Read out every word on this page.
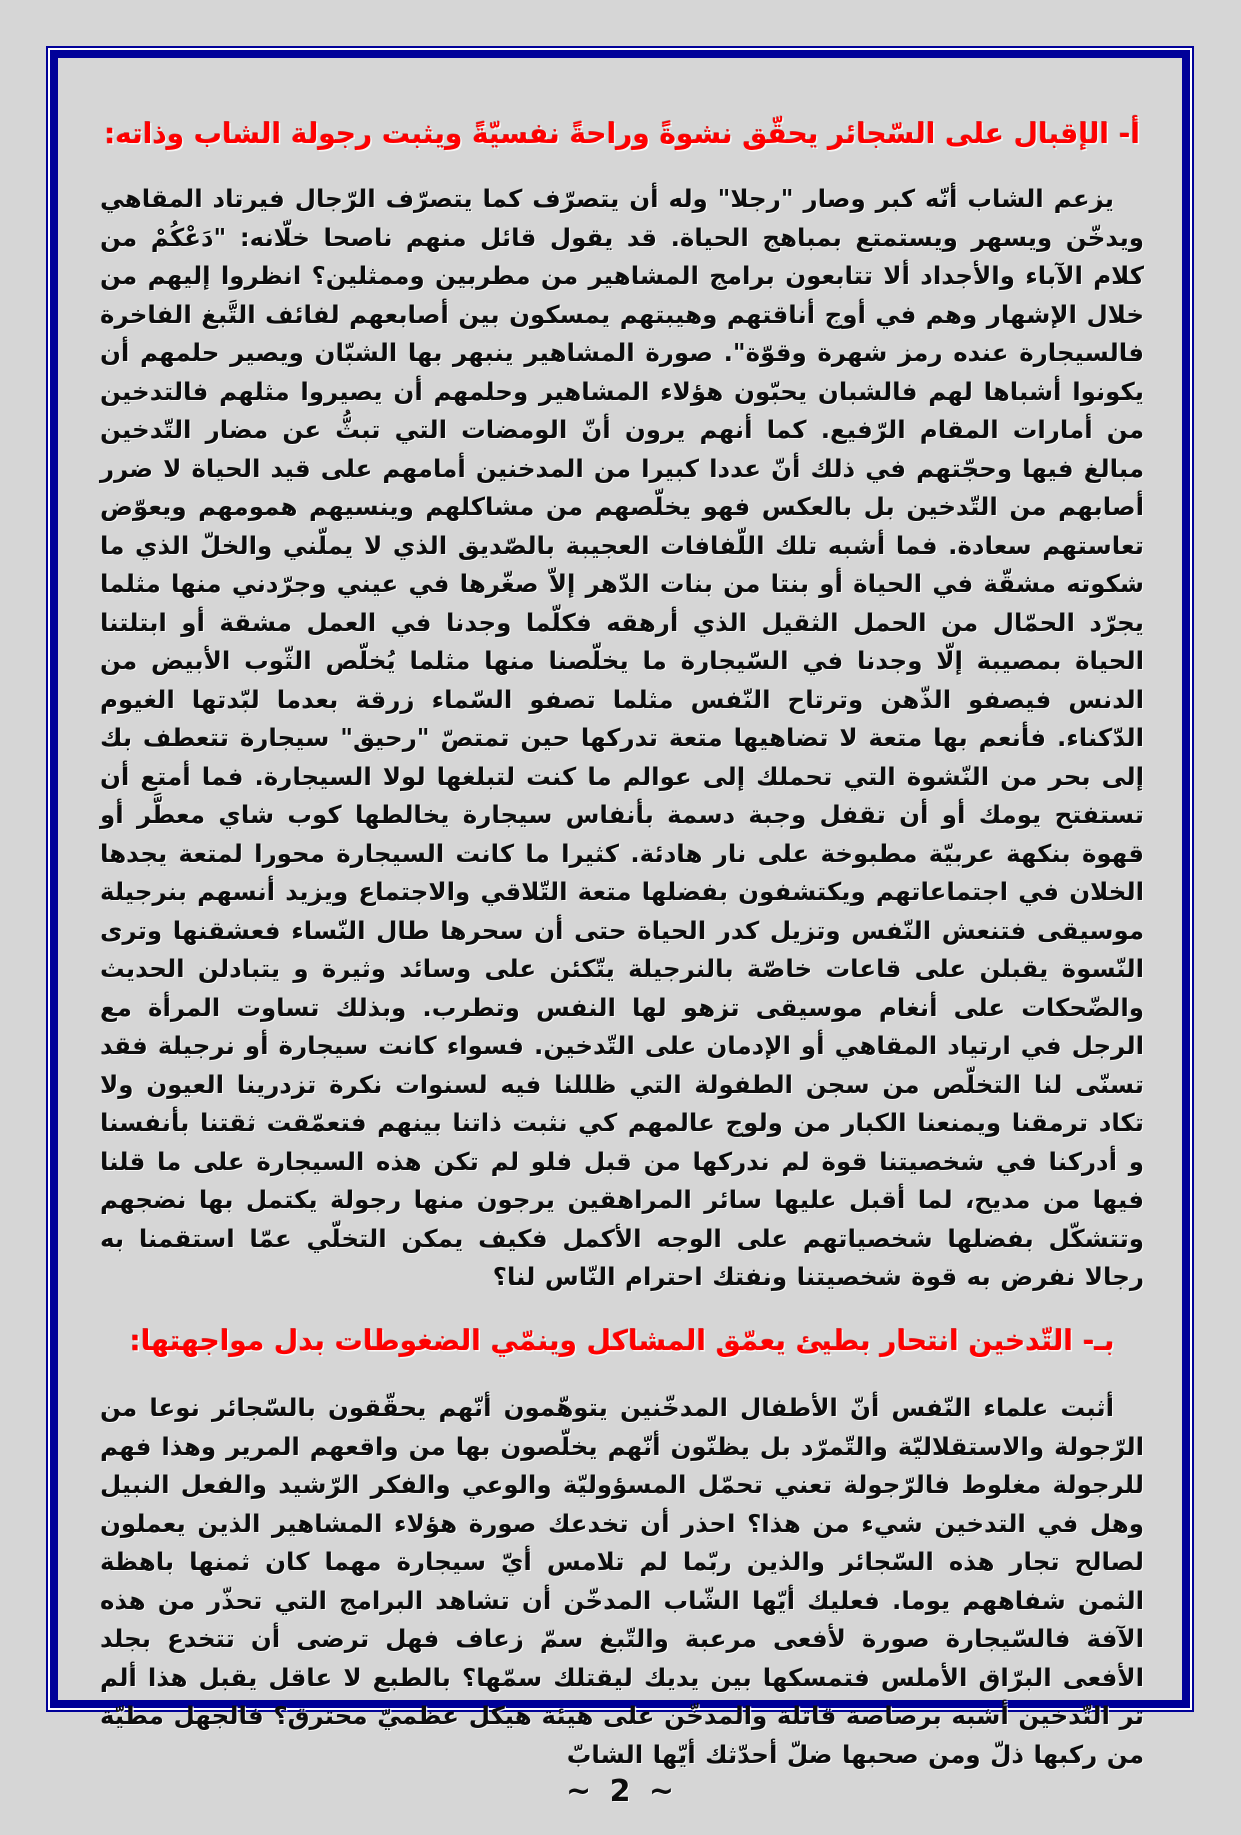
أ- الإقبال على السّجائر يحقّق نشوةً وراحةً نفسيّةً ويثبت رجولة الشاب وذاته:

يزعم الشاب أنّه كبر وصار "رجلا" وله أن يتصرّف كما يتصرّف الرّجال فيرتاد المقاهي ويدخّن ويسهر ويستمتع بمباهج الحياة. قد يقول قائل منهم ناصحا خلّانه: "دَعْكُمْ من كلام الآباء والأجداد ألا تتابعون برامج المشاهير من مطربين وممثلين؟ انظروا إليهم من خلال الإشهار وهم في أوج أناقتهم وهيبتهم يمسكون بين أصابعهم لفائف التَّبغ الفاخرة فالسيجارة عنده رمز شهرة وقوّة". صورة المشاهير ينبهر بها الشبّان ويصير حلمهم أن يكونوا أشباها لهم فالشبان يحبّون هؤلاء المشاهير وحلمهم أن يصيروا مثلهم فالتدخين من أمارات المقام الرّفيع. كما أنهم يرون أنّ الومضات التي تبثُّ عن مضار التّدخين مبالغ فيها وحجّتهم في ذلك أنّ عددا كبيرا من المدخنين أمامهم على قيد الحياة لا ضرر أصابهم من التّدخين بل بالعكس فهو يخلّصهم من مشاكلهم وينسيهم همومهم ويعوّض تعاستهم سعادة. فما أشبه تلك اللّفافات العجيبة بالصّديق الذي لا يملّني والخلّ الذي ما شكوته مشقّة في الحياة أو بنتا من بنات الدّهر إلاّ صغّرها في عيني وجرّدني منها مثلما يجرّد الحمّال من الحمل الثقيل الذي أرهقه فكلّما وجدنا في العمل مشقة أو ابتلتنا الحياة بمصيبة إلّا وجدنا في السّيجارة ما يخلّصنا منها مثلما يُخلّص الثّوب الأبيض من الدنس فيصفو الذّهن وترتاح النّفس مثلما تصفو السّماء زرقة بعدما لبّدتها الغيوم الدّكناء. فأنعم بها متعة لا تضاهيها متعة تدركها حين تمتصّ "رحيق" سيجارة تتعطف بك إلى بحر من النّشوة التي تحملك إلى عوالم ما كنت لتبلغها لولا السيجارة. فما أمتع أن تستفتح يومك أو أن تقفل وجبة دسمة بأنفاس سيجارة يخالطها كوب شاي معطَّر أو قهوة بنكهة عربيّة مطبوخة على نار هادئة. كثيرا ما كانت السيجارة محورا لمتعة يجدها الخلان في اجتماعاتهم ويكتشفون بفضلها متعة التّلاقي والاجتماع ويزيد أنسهم بنرجيلة موسيقى فتنعش النّفس وتزيل كدر الحياة حتى أن سحرها طال النّساء فعشقنها وترى النّسوة يقبلن على قاعات خاصّة بالنرجيلة يتّكئن على وسائد وثيرة و يتبادلن الحديث والضّحكات على أنغام موسيقى تزهو لها النفس وتطرب. وبذلك تساوت المرأة مع الرجل في ارتياد المقاهي أو الإدمان على التّدخين. فسواء كانت سيجارة أو نرجيلة فقد تسنّى لنا التخلّص من سجن الطفولة التي ظللنا فيه لسنوات نكرة تزدرينا العيون ولا تكاد ترمقنا ويمنعنا الكبار من ولوج عالمهم كي نثبت ذاتنا بينهم فتعمّقت ثقتنا بأنفسنا و أدركنا في شخصيتنا قوة لم ندركها من قبل فلو لم تكن هذه السيجارة على ما قلنا فيها من مديح، لما أقبل عليها سائر المراهقين يرجون منها رجولة يكتمل بها نضجهم وتتشكّل بفضلها شخصياتهم على الوجه الأكمل فكيف يمكن التخلّي عمّا استقمنا به رجالا نفرض به قوة شخصيتنا ونفتك احترام النّاس لنا؟

بـ- التّدخين انتحار بطيئ يعمّق المشاكل وينمّي الضغوطات بدل مواجهتها:

أثبت علماء النّفس أنّ الأطفال المدخّنين يتوهّمون أنّهم يحقّقون بالسّجائر نوعا من الرّجولة والاستقلاليّة والتّمرّد بل يظنّون أنّهم يخلّصون بها من واقعهم المرير وهذا فهم للرجولة مغلوط فالرّجولة تعني تحمّل المسؤوليّة والوعي والفكر الرّشيد والفعل النبيل وهل في التدخين شيء من هذا؟ احذر أن تخدعك صورة هؤلاء المشاهير الذين يعملون لصالح تجار هذه السّجائر والذين ربّما لم تلامس أيّ سيجارة مهما كان ثمنها باهظة الثمن شفاههم يوما. فعليك أيّها الشّاب المدخّن أن تشاهد البرامج التي تحذّر من هذه الآفة فالسّيجارة صورة لأفعى مرعبة والتّبغ سمّ زعاف فهل ترضى أن تتخدع بجلد الأفعى البرّاق الأملس فتمسكها بين يديك ليقتلك سمّها؟ بالطبع لا عاقل يقبل هذا ألم تر التّدخين أشبه برصاصة قاتلة والمدخّن على هيئة هيكل عظميّ محترق؟ فالجهل مطيّة من ركبها ذلّ ومن صحبها ضلّ أحدّثك أيّها الشابّ

~ 2 ~
